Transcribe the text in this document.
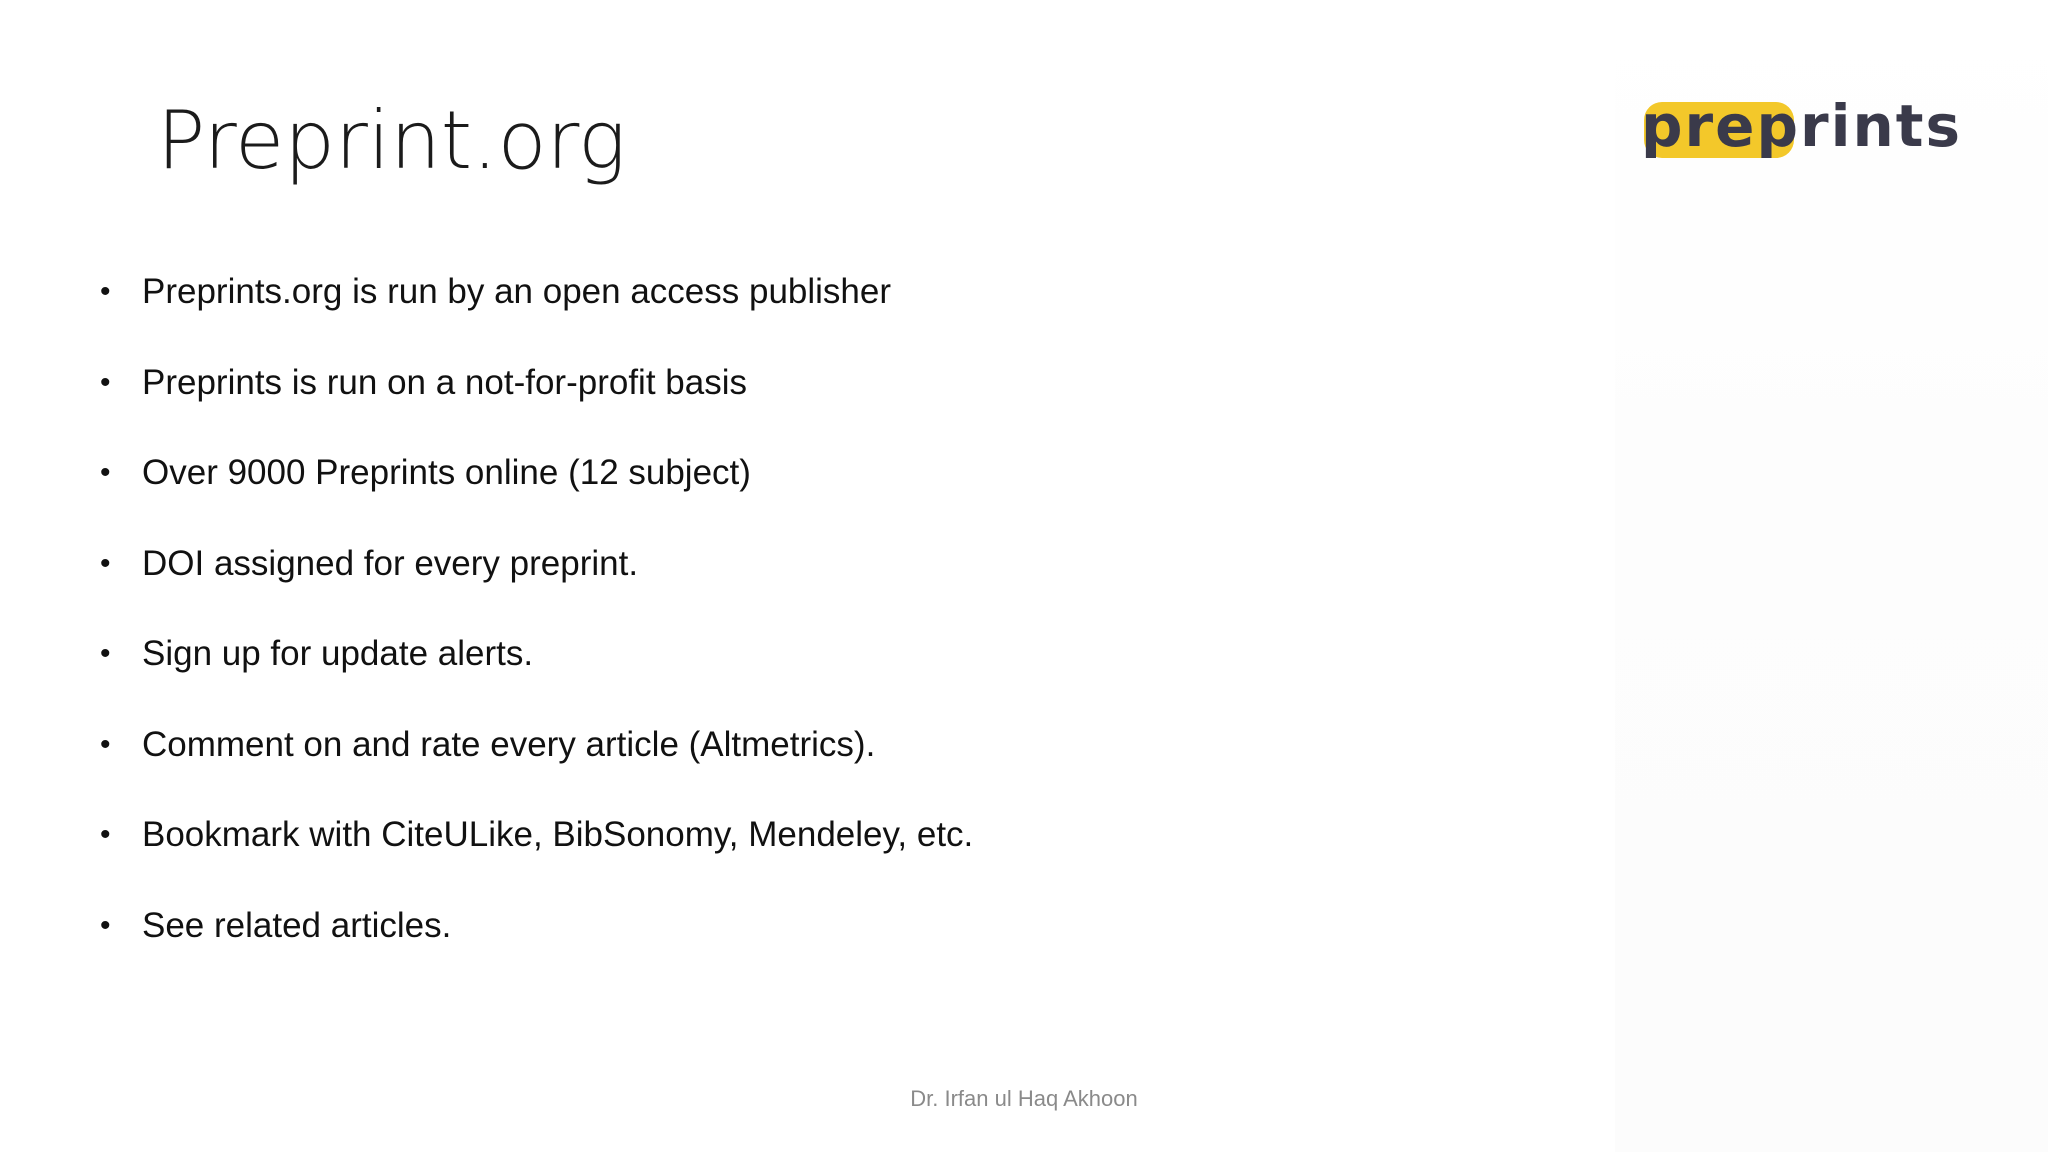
Preprint.org	preprints
• Preprints.org is run by an open access publisher
• Preprints is run on a not-for-profit basis
• Over 9000 Preprints online (12 subject)
• DOI assigned for every preprint.
• Sign up for update alerts.
• Comment on and rate every article (Altmetrics).
• Bookmark with CiteULike, BibSonomy, Mendeley, etc.
• See related articles.
Dr. Irfan ul Haq Akhoon
